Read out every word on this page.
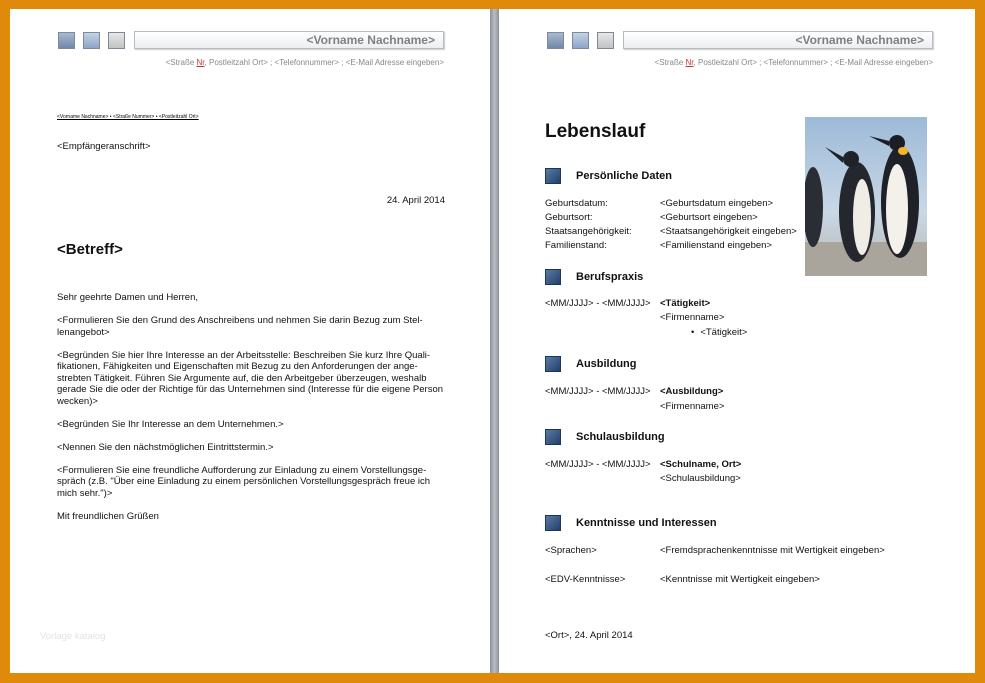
<Vorname Nachname>
<Straße Nr, Postleitzahl Ort> ; <Telefonnummer> ; <E-Mail Adresse eingeben>
<Vorname Nachname> • <Straße Nummer> • <Postleitzahl Ort>
<Empfängeranschrift>
24. April 2014
<Betreff>

Sehr geehrte Damen und Herren,

<Formulieren Sie den Grund des Anschreibens und nehmen Sie darin Bezug zum Stel-lenangebot>

<Begründen Sie hier Ihre Interesse an der Arbeitsstelle: Beschreiben Sie kurz Ihre Quali-fikationen, Fähigkeiten und Eigenschaften mit Bezug zu den Anforderungen der ange-strebten Tätigkeit. Führen Sie Argumente auf, die den Arbeitgeber überzeugen, weshalb gerade Sie die oder der Richtige für das Unternehmen sind (Interesse für die eigene Person wecken)>

<Begründen Sie Ihr Interesse an dem Unternehmen.>

<Nennen Sie den nächstmöglichen Eintrittstermin.>

<Formulieren Sie eine freundliche Aufforderung zur Einladung zu einem Vorstellungsge-spräch (z.B. "Über eine Einladung zu einem persönlichen Vorstellungsgespräch freue ich mich sehr.")>

Mit freundlichen Grüßen

Vorlage katalog
<Vorname Nachname>
<Straße Nr, Postleitzahl Ort> ; <Telefonnummer> ; <E-Mail Adresse eingeben>
Lebenslauf
Persönliche Daten
Geburtsdatum:	<Geburtsdatum eingeben>
Geburtsort:	<Geburtsort eingeben>
Staatsangehörigkeit:	<Staatsangehörigkeit eingeben>
Familienstand:	<Familienstand eingeben>
Berufspraxis
<MM/JJJJ> - <MM/JJJJ> <Tätigkeit>
<Firmenname>
• <Tätigkeit>
Ausbildung
<MM/JJJJ> - <MM/JJJJ> <Ausbildung>
<Firmenname>
Schulausbildung
<MM/JJJJ> - <MM/JJJJ> <Schulname, Ort>
<Schulausbildung>
Kenntnisse und Interessen
<Sprachen>	<Fremdsprachenkenntnisse mit Wertigkeit eingeben>
<EDV-Kenntnisse>	<Kenntnisse mit Wertigkeit eingeben>
<Ort>, 24. April 2014
